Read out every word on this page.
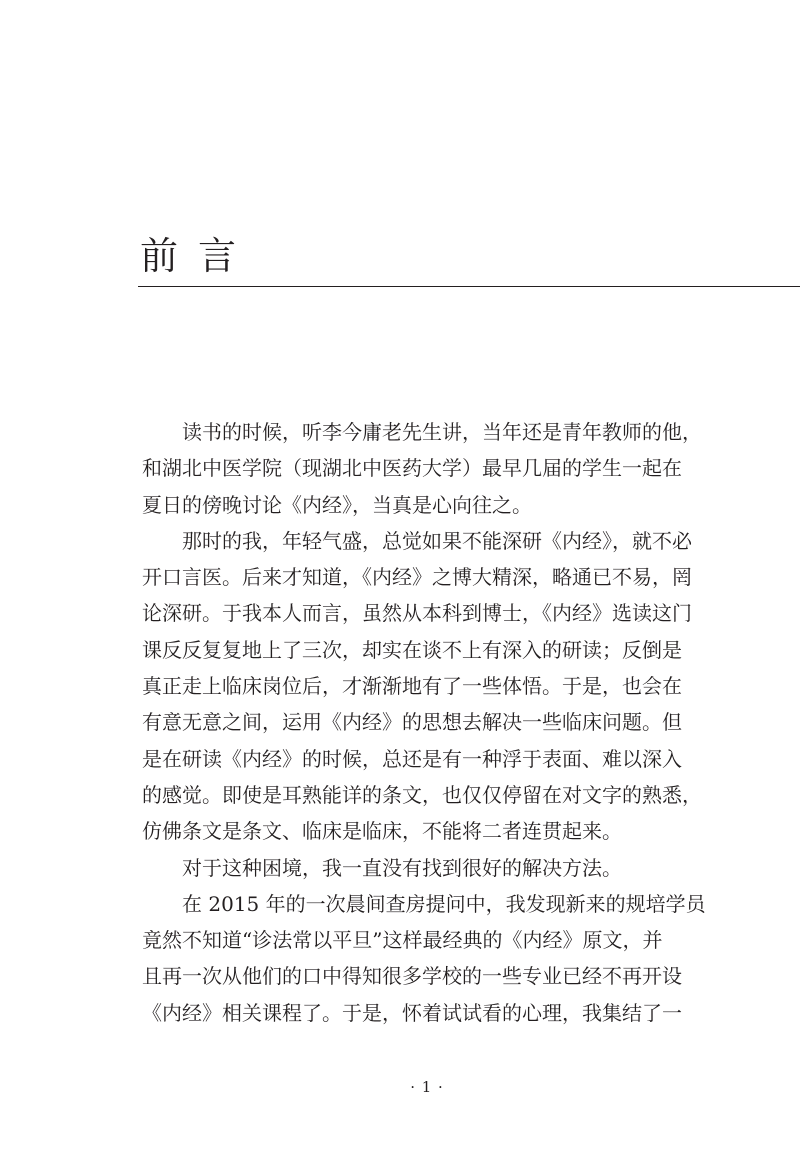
前言

读书的时候，听李今庸老先生讲，当年还是青年教师的他，
和湖北中医学院（现湖北中医药大学）最早几届的学生一起在
夏日的傍晚讨论《内经》，当真是心向往之。

那时的我，年轻气盛，总觉如果不能深研《内经》，就不必
开口言医。后来才知道，《内经》之博大精深，略通已不易，罔
论深研。于我本人而言，虽然从本科到博士，《内经》选读这门
课反反复复地上了三次，却实在谈不上有深入的研读；反倒是
真正走上临床岗位后，才渐渐地有了一些体悟。于是，也会在
有意无意之间，运用《内经》的思想去解决一些临床问题。但
是在研读《内经》的时候，总还是有一种浮于表面、难以深入
的感觉。即使是耳熟能详的条文，也仅仅停留在对文字的熟悉，
仿佛条文是条文、临床是临床，不能将二者连贯起来。

对于这种困境，我一直没有找到很好的解决方法。

在 2015 年的一次晨间查房提问中，我发现新来的规培学员
竟然不知道“诊法常以平旦”这样最经典的《内经》原文，并
且再一次从他们的口中得知很多学校的一些专业已经不再开设
《内经》相关课程了。于是，怀着试试看的心理，我集结了一

· 1 ·
